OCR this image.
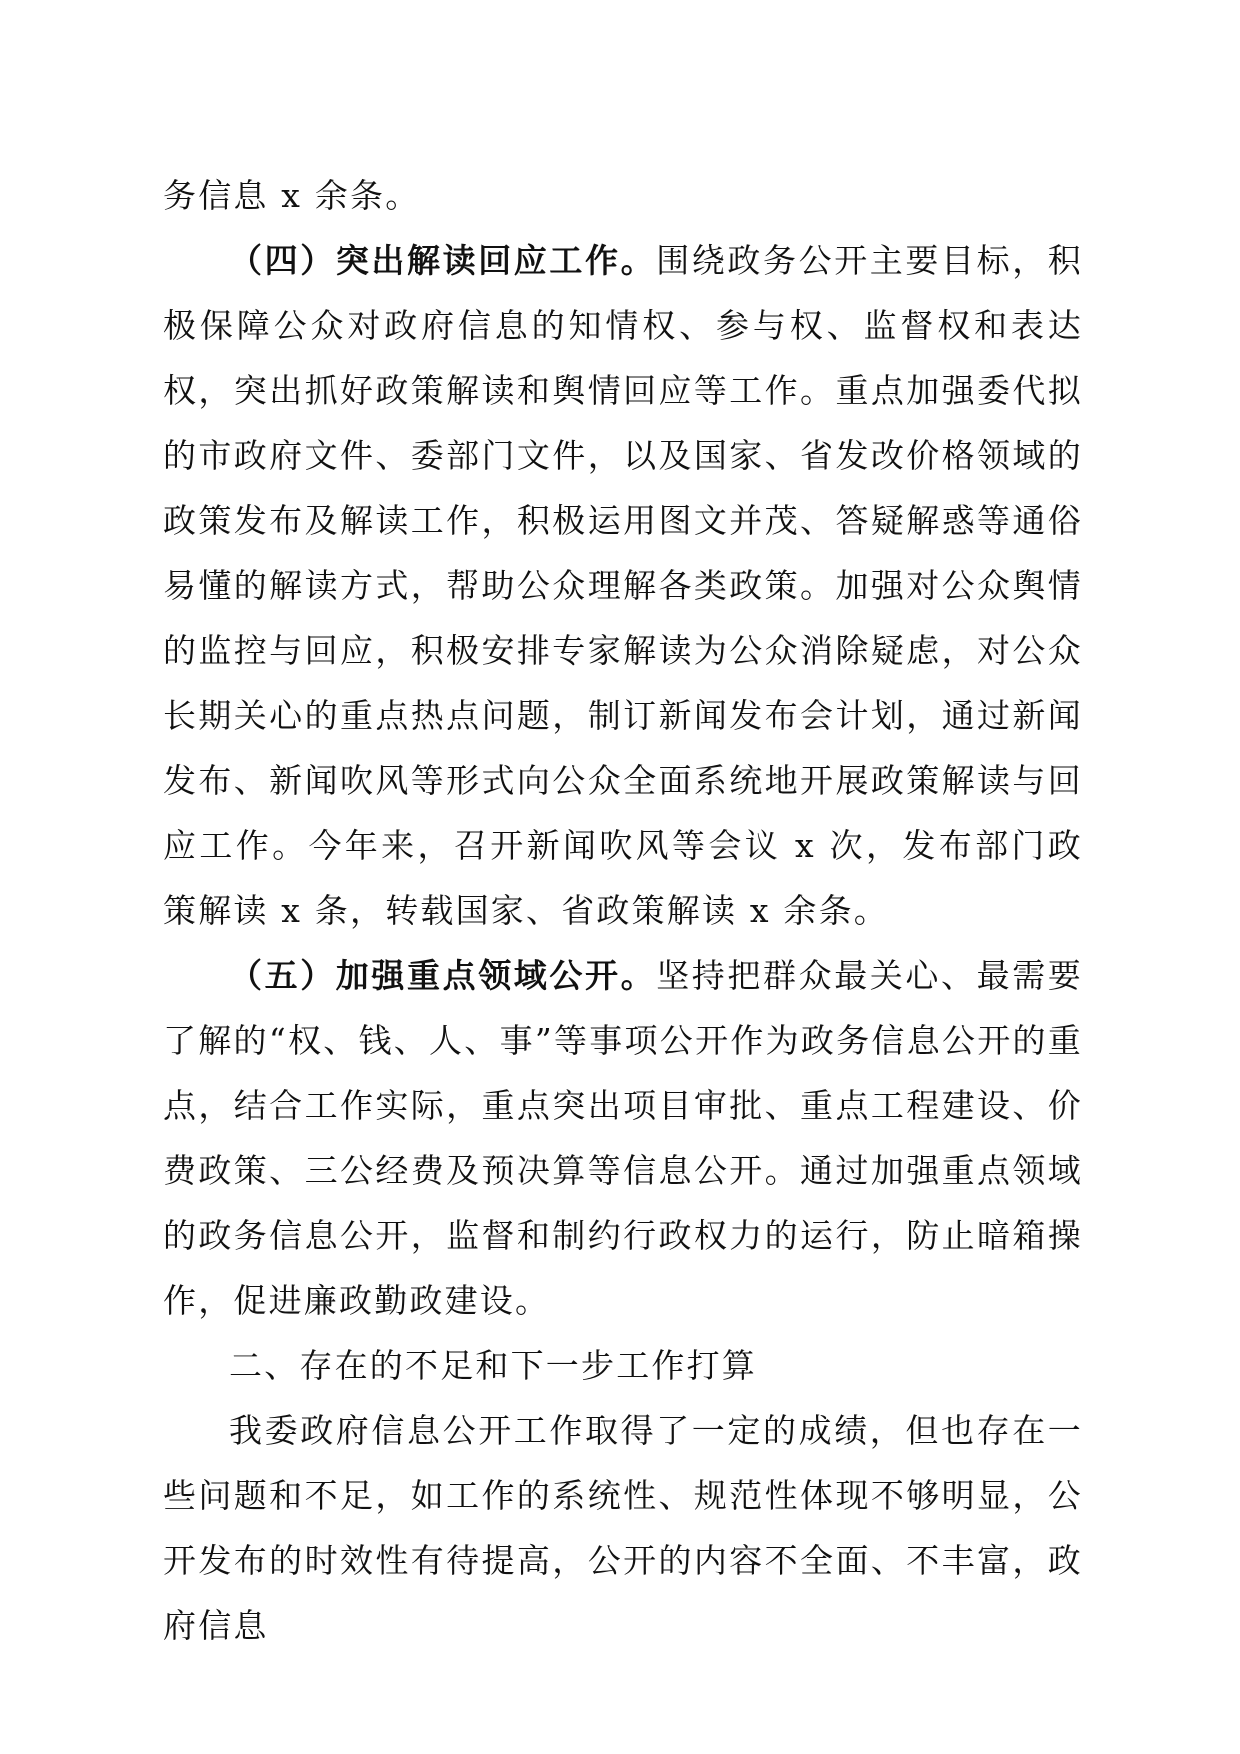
务信息 x 余条。

（四）突出解读回应工作。围绕政务公开主要目标，积极保障公众对政府信息的知情权、参与权、监督权和表达权，突出抓好政策解读和舆情回应等工作。重点加强委代拟的市政府文件、委部门文件，以及国家、省发改价格领域的政策发布及解读工作，积极运用图文并茂、答疑解惑等通俗易懂的解读方式，帮助公众理解各类政策。加强对公众舆情的监控与回应，积极安排专家解读为公众消除疑虑，对公众长期关心的重点热点问题，制订新闻发布会计划，通过新闻发布、新闻吹风等形式向公众全面系统地开展政策解读与回应工作。今年来，召开新闻吹风等会议 x 次，发布部门政策解读 x 条，转载国家、省政策解读 x 余条。

（五）加强重点领域公开。坚持把群众最关心、最需要了解的“权、钱、人、事”等事项公开作为政务信息公开的重点，结合工作实际，重点突出项目审批、重点工程建设、价费政策、三公经费及预决算等信息公开。通过加强重点领域的政务信息公开，监督和制约行政权力的运行，防止暗箱操作，促进廉政勤政建设。

二、存在的不足和下一步工作打算

我委政府信息公开工作取得了一定的成绩，但也存在一些问题和不足，如工作的系统性、规范性体现不够明显，公开发布的时效性有待提高，公开的内容不全面、不丰富，政府信息
